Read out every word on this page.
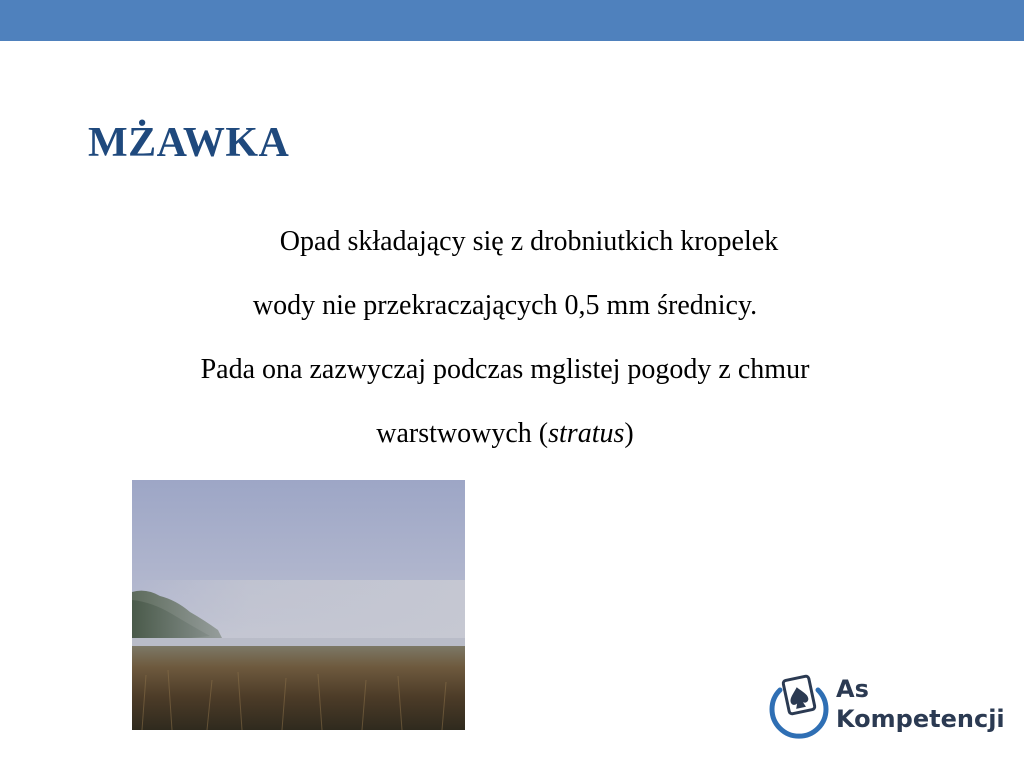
MŻAWKA

Opad składający się z drobniutkich kropelek
wody nie przekraczających 0,5 mm średnicy.
Pada ona zazwyczaj podczas mglistej pogody z chmur
warstwowych (stratus)

As
Kompetencji
